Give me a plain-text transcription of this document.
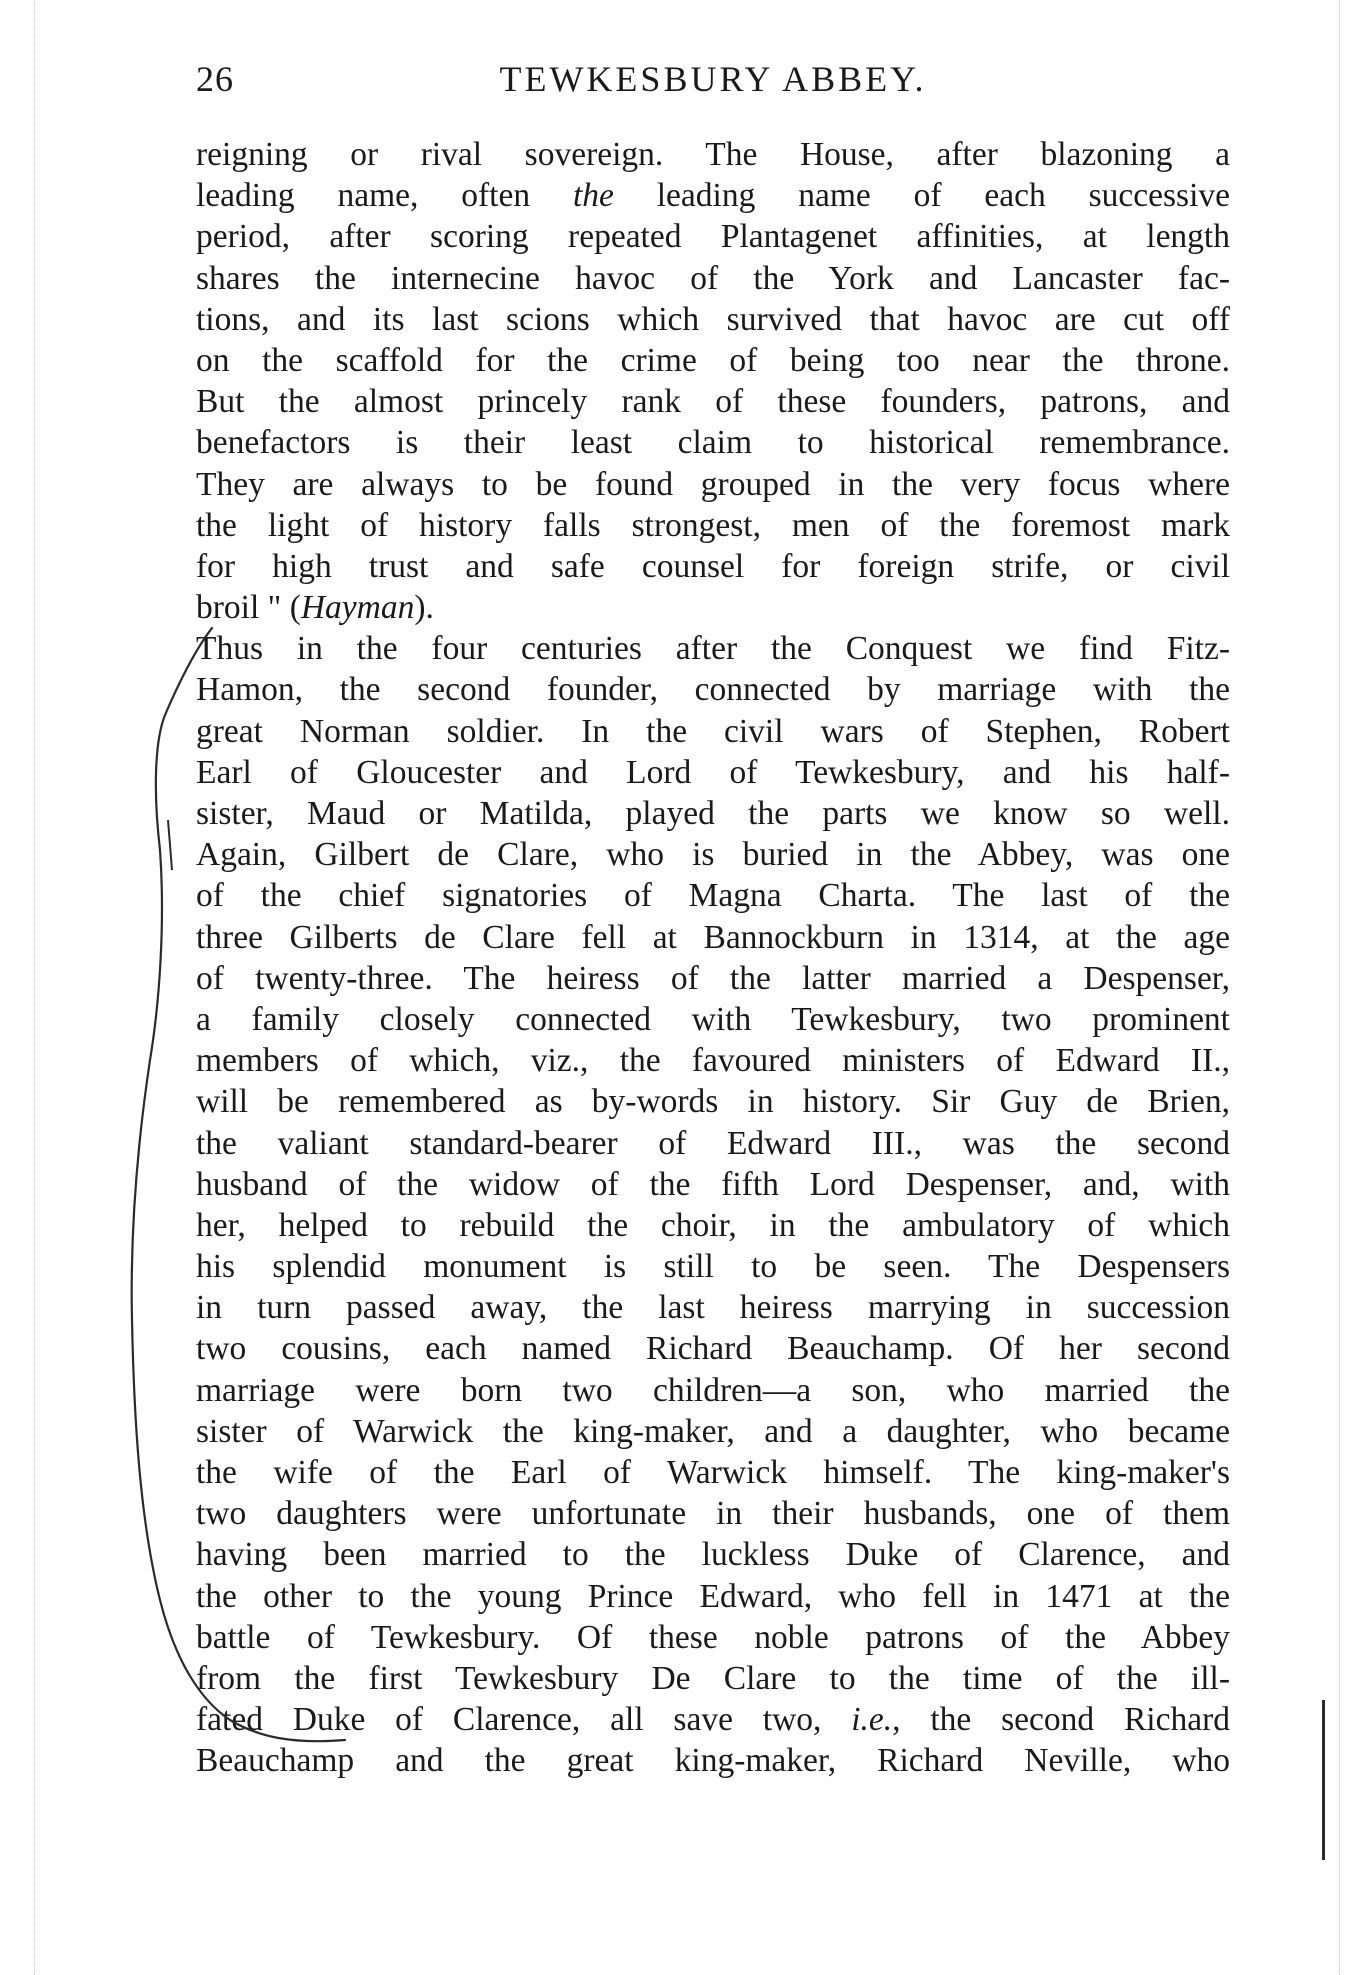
26	TEWKESBURY ABBEY.
reigning or rival sovereign. The House, after blazoning a
leading name, often the leading name of each successive
period, after scoring repeated Plantagenet affinities, at length
shares the internecine havoc of the York and Lancaster fac-
tions, and its last scions which survived that havoc are cut off
on the scaffold for the crime of being too near the throne.
But the almost princely rank of these founders, patrons, and
benefactors is their least claim to historical remembrance.
They are always to be found grouped in the very focus where
the light of history falls strongest, men of the foremost mark
for high trust and safe counsel for foreign strife, or civil
broil " (Hayman).
Thus in the four centuries after the Conquest we find Fitz-
Hamon, the second founder, connected by marriage with the
great Norman soldier. In the civil wars of Stephen, Robert
Earl of Gloucester and Lord of Tewkesbury, and his half-
sister, Maud or Matilda, played the parts we know so well.
Again, Gilbert de Clare, who is buried in the Abbey, was one
of the chief signatories of Magna Charta. The last of the
three Gilberts de Clare fell at Bannockburn in 1314, at the age
of twenty-three. The heiress of the latter married a Despenser,
a family closely connected with Tewkesbury, two prominent
members of which, viz., the favoured ministers of Edward II.,
will be remembered as by-words in history. Sir Guy de Brien,
the valiant standard-bearer of Edward III., was the second
husband of the widow of the fifth Lord Despenser, and, with
her, helped to rebuild the choir, in the ambulatory of which
his splendid monument is still to be seen. The Despensers
in turn passed away, the last heiress marrying in succession
two cousins, each named Richard Beauchamp. Of her second
marriage were born two children—a son, who married the
sister of Warwick the king-maker, and a daughter, who became
the wife of the Earl of Warwick himself. The king-maker's
two daughters were unfortunate in their husbands, one of them
having been married to the luckless Duke of Clarence, and
the other to the young Prince Edward, who fell in 1471 at the
battle of Tewkesbury. Of these noble patrons of the Abbey
from the first Tewkesbury De Clare to the time of the ill-
fated Duke of Clarence, all save two, i.e., the second Richard
Beauchamp and the great king-maker, Richard Neville, who
